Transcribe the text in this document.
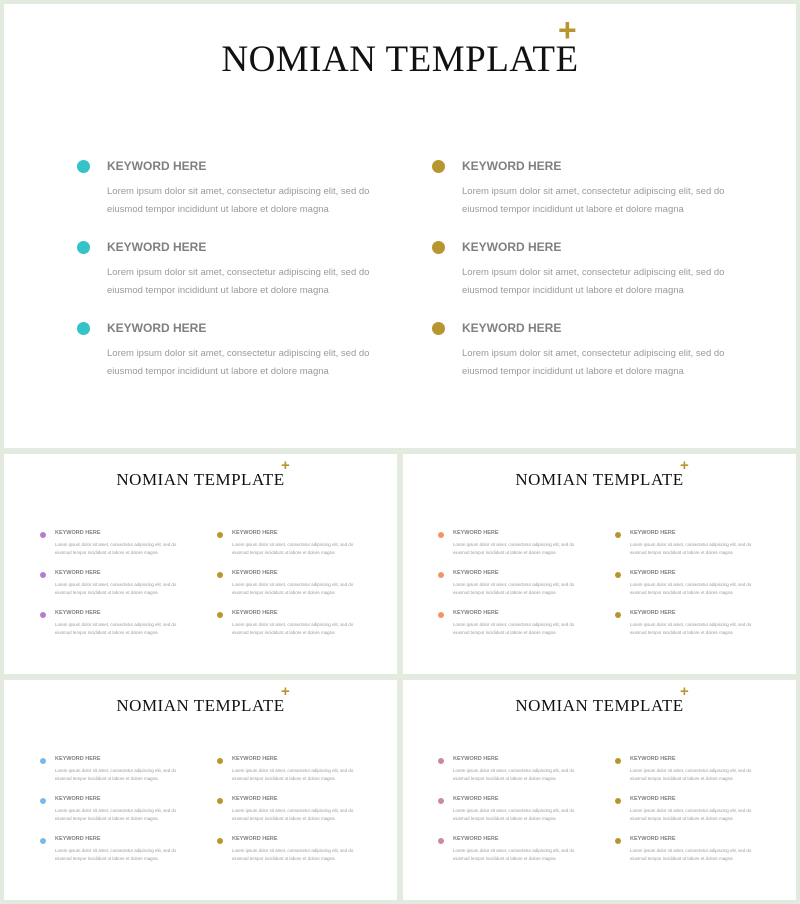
NOMIAN TEMPLATE
+
KEYWORD HERE
Lorem ipsum dolor sit amet, consectetur adipiscing elit, sed do
eiusmod tempor incididunt ut labore et dolore magna
KEYWORD HERE
Lorem ipsum dolor sit amet, consectetur adipiscing elit, sed do
eiusmod tempor incididunt ut labore et dolore magna
KEYWORD HERE
Lorem ipsum dolor sit amet, consectetur adipiscing elit, sed do
eiusmod tempor incididunt ut labore et dolore magna
KEYWORD HERE
Lorem ipsum dolor sit amet, consectetur adipiscing elit, sed do
eiusmod tempor incididunt ut labore et dolore magna
KEYWORD HERE
Lorem ipsum dolor sit amet, consectetur adipiscing elit, sed do
eiusmod tempor incididunt ut labore et dolore magna
KEYWORD HERE
Lorem ipsum dolor sit amet, consectetur adipiscing elit, sed do
eiusmod tempor incididunt ut labore et dolore magna
NOMIAN TEMPLATE
+
KEYWORD HERE
Lorem ipsum dolor sit amet, consectetur adipiscing elit, sed do
eiusmod tempor incididunt ut labore et dolore magna
KEYWORD HERE
Lorem ipsum dolor sit amet, consectetur adipiscing elit, sed do
eiusmod tempor incididunt ut labore et dolore magna
KEYWORD HERE
Lorem ipsum dolor sit amet, consectetur adipiscing elit, sed do
eiusmod tempor incididunt ut labore et dolore magna
KEYWORD HERE
Lorem ipsum dolor sit amet, consectetur adipiscing elit, sed do
eiusmod tempor incididunt ut labore et dolore magna
KEYWORD HERE
Lorem ipsum dolor sit amet, consectetur adipiscing elit, sed do
eiusmod tempor incididunt ut labore et dolore magna
KEYWORD HERE
Lorem ipsum dolor sit amet, consectetur adipiscing elit, sed do
eiusmod tempor incididunt ut labore et dolore magna
NOMIAN TEMPLATE
+
KEYWORD HERE
Lorem ipsum dolor sit amet, consectetur adipiscing elit, sed do
eiusmod tempor incididunt ut labore et dolore magna
KEYWORD HERE
Lorem ipsum dolor sit amet, consectetur adipiscing elit, sed do
eiusmod tempor incididunt ut labore et dolore magna
KEYWORD HERE
Lorem ipsum dolor sit amet, consectetur adipiscing elit, sed do
eiusmod tempor incididunt ut labore et dolore magna
KEYWORD HERE
Lorem ipsum dolor sit amet, consectetur adipiscing elit, sed do
eiusmod tempor incididunt ut labore et dolore magna
KEYWORD HERE
Lorem ipsum dolor sit amet, consectetur adipiscing elit, sed do
eiusmod tempor incididunt ut labore et dolore magna
KEYWORD HERE
Lorem ipsum dolor sit amet, consectetur adipiscing elit, sed do
eiusmod tempor incididunt ut labore et dolore magna
NOMIAN TEMPLATE
+
KEYWORD HERE
Lorem ipsum dolor sit amet, consectetur adipiscing elit, sed do
eiusmod tempor incididunt ut labore et dolore magna
KEYWORD HERE
Lorem ipsum dolor sit amet, consectetur adipiscing elit, sed do
eiusmod tempor incididunt ut labore et dolore magna
KEYWORD HERE
Lorem ipsum dolor sit amet, consectetur adipiscing elit, sed do
eiusmod tempor incididunt ut labore et dolore magna
KEYWORD HERE
Lorem ipsum dolor sit amet, consectetur adipiscing elit, sed do
eiusmod tempor incididunt ut labore et dolore magna
KEYWORD HERE
Lorem ipsum dolor sit amet, consectetur adipiscing elit, sed do
eiusmod tempor incididunt ut labore et dolore magna
KEYWORD HERE
Lorem ipsum dolor sit amet, consectetur adipiscing elit, sed do
eiusmod tempor incididunt ut labore et dolore magna
NOMIAN TEMPLATE
+
KEYWORD HERE
Lorem ipsum dolor sit amet, consectetur adipiscing elit, sed do
eiusmod tempor incididunt ut labore et dolore magna
KEYWORD HERE
Lorem ipsum dolor sit amet, consectetur adipiscing elit, sed do
eiusmod tempor incididunt ut labore et dolore magna
KEYWORD HERE
Lorem ipsum dolor sit amet, consectetur adipiscing elit, sed do
eiusmod tempor incididunt ut labore et dolore magna
KEYWORD HERE
Lorem ipsum dolor sit amet, consectetur adipiscing elit, sed do
eiusmod tempor incididunt ut labore et dolore magna
KEYWORD HERE
Lorem ipsum dolor sit amet, consectetur adipiscing elit, sed do
eiusmod tempor incididunt ut labore et dolore magna
KEYWORD HERE
Lorem ipsum dolor sit amet, consectetur adipiscing elit, sed do
eiusmod tempor incididunt ut labore et dolore magna
